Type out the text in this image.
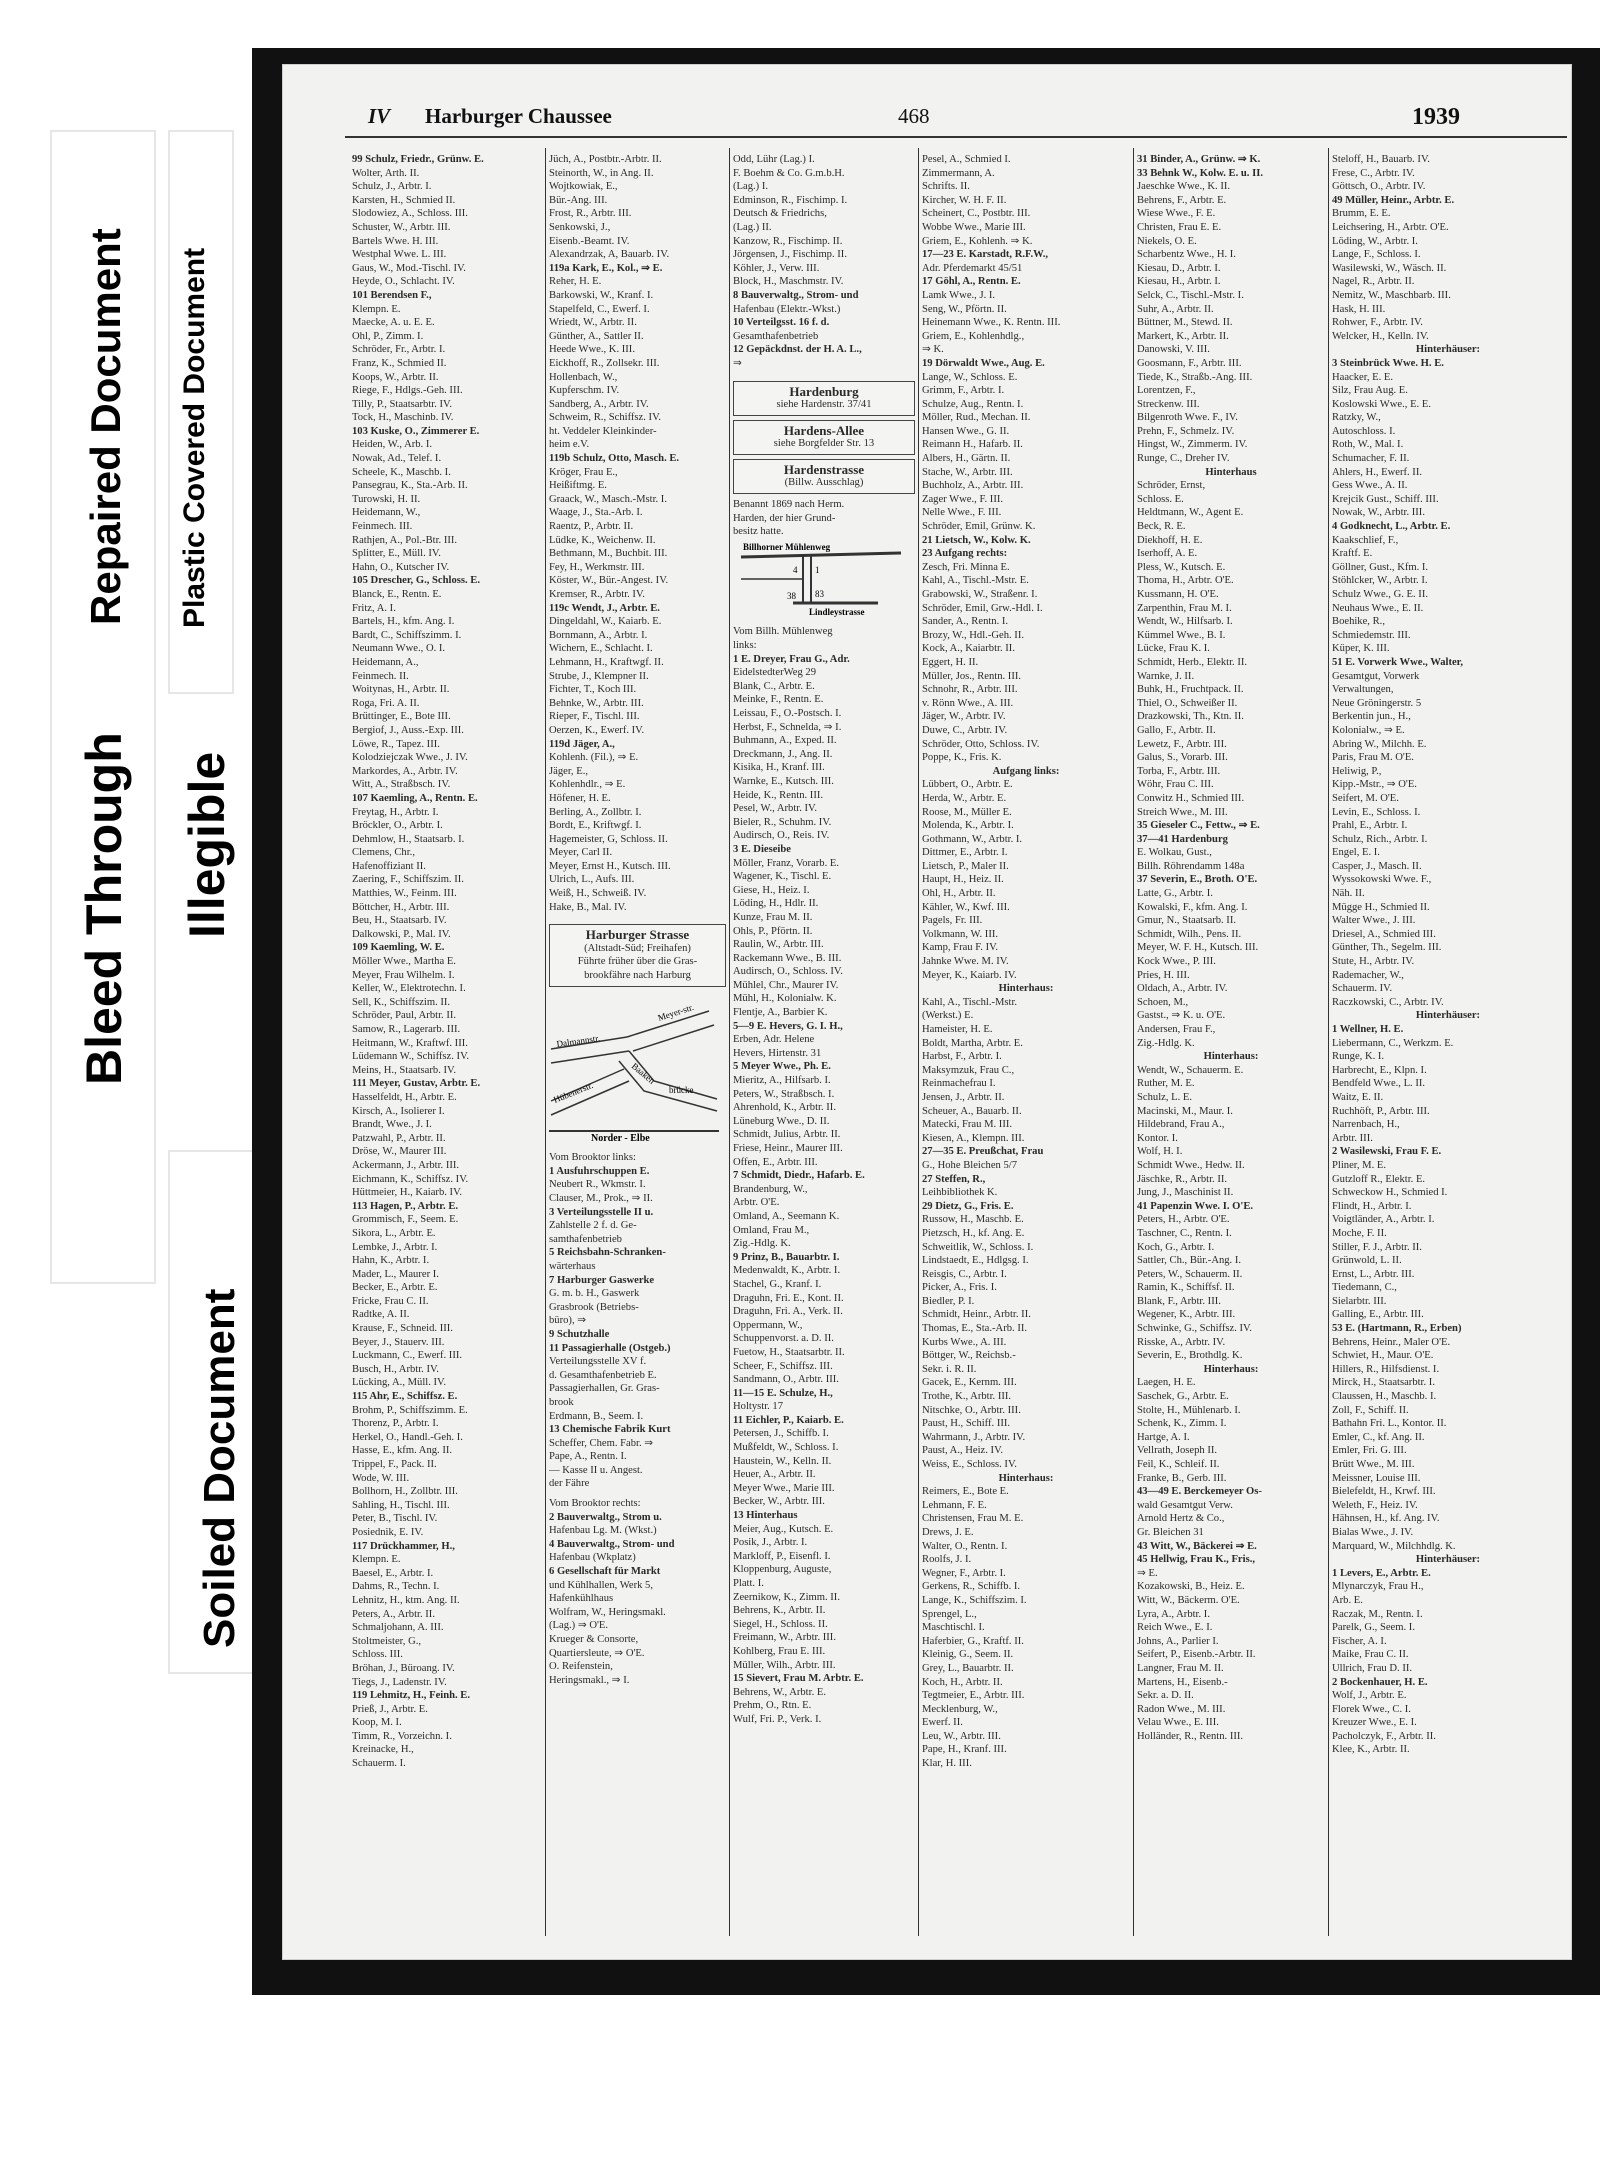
Bleed Through
Repaired Document Plastic Covered Document
Illegible
Soiled Document
IV Harburger Chaussee	468	1939
99 Schulz, Friedr., Grünw. E.
Wolter, Arth. II.
Schulz, J., Arbtr. I.
Karsten, H., Schmied II.
Slodowiez, A., Schloss. III.
Schuster, W., Arbtr. III.
Bartels Wwe. H. III.
Westphal Wwe. L. III.
Gaus, W., Mod.-Tischl. IV.
Heyde, O., Schlacht. IV.
101 Berendsen F.,
Klempn. E.
Maecke, A. u. E. E.
Ohl, P., Zimm. I.
Schröder, Fr., Arbtr. I.
Franz, K., Schmied II.
Koops, W., Arbtr. II.
Riege, F., Hdlgs.-Geh. III.
Tilly, P., Staatsarbtr. IV.
Tock, H., Maschinb. IV.
103 Kuske, O., Zimmerer E.
Heiden, W., Arb. I.
Nowak, Ad., Telef. I.
Scheele, K., Maschb. I.
Pansegrau, K., Sta.-Arb. II.
Turowski, H. II.
Heidemann, W.,
Feinmech. III.
Rathjen, A., Pol.-Btr. III.
Splitter, E., Müll. IV.
Hahn, O., Kutscher IV.
105 Drescher, G., Schloss. E.
Blanck, E., Rentn. E.
Fritz, A. I.
Bartels, H., kfm. Ang. I.
Bardt, C., Schiffszimm. I.
Neumann Wwe., O. I.
Heidemann, A.,
Feinmech. II.
Woitynas, H., Arbtr. II.
Roga, Fri. A. II.
Brüttinger, E., Bote III.
Bergiof, J., Auss.-Exp. III.
Löwe, R., Tapez. III.
Kolodziejczak Wwe., J. IV.
Markordes, A., Arbtr. IV.
Witt, A., Straßbsch. IV.
107 Kaemling, A., Rentn. E.
Freytag, H., Arbtr. I.
Bröckler, O., Arbtr. I.
Dehmlow, H., Staatsarb. I.
Clemens, Chr.,
Hafenoffiziant II.
Zaering, F., Schiffszim. II.
Matthies, W., Feinm. III.
Böttcher, H., Arbtr. III.
Beu, H., Staatsarb. IV.
Dalkowski, P., Mal. IV.
109 Kaemling, W. E.
Möller Wwe., Martha E.
Meyer, Frau Wilhelm. I.
Keller, W., Elektrotechn. I.
Sell, K., Schiffszim. II.
Schröder, Paul, Arbtr. II.
Samow, R., Lagerarb. III.
Heitmann, W., Kraftwf. III.
Lüdemann W., Schiffsz. IV.
Meins, H., Staatsarb. IV.
111 Meyer, Gustav, Arbtr. E.
Hasselfeldt, H., Arbtr. E.
Kirsch, A., Isolierer I.
Brandt, Wwe., J. I.
Patzwahl, P., Arbtr. II.
Dröse, W., Maurer III.
Ackermann, J., Arbtr. III.
Eichmann, K., Schiffsz. IV.
Hüttmeier, H., Kaiarb. IV.
113 Hagen, P., Arbtr. E.
Grommisch, F., Seem. E.
Sikora, L., Arbtr. E.
Lembke, J., Arbtr. I.
Hahn, K., Arbtr. I.
Mader, L., Maurer I.
Becker, E., Arbtr. E.
Fricke, Frau C. II.
Radtke, A. II.
Krause, F., Schneid. III.
Beyer, J., Stauerv. III.
Luckmann, C., Ewerf. III.
Busch, H., Arbtr. IV.
Lücking, A., Müll. IV.
115 Ahr, E., Schiffsz. E.
Brohm, P., Schiffszimm. E.
Thorenz, P., Arbtr. I.
Herkel, O., Handl.-Geh. I.
Hasse, E., kfm. Ang. II.
Trippel, F., Pack. II.
Wode, W. III.
Bollhorn, H., Zollbtr. III.
Sahling, H., Tischl. III.
Peter, B., Tischl. IV.
Posiednik, E. IV.
117 Drückhammer, H.,
Klempn. E.
Baesel, E., Arbtr. I.
Dahms, R., Techn. I.
Lehnitz, H., ktm. Ang. II.
Peters, A., Arbtr. II.
Schmaljohann, A. III.
Stoltmeister, G.,
Schloss. III.
Bröhan, J., Büroang. IV.
Tiegs, J., Ladenstr. IV.
119 Lehmitz, H., Feinh. E.
Prieß, J., Arbtr. E.
Koop, M. I.
Timm, R., Vorzeichn. I.
Kreinacke, H.,
Schauerm. I.
Jüch, A., Postbtr.-Arbtr. II.
Steinorth, W., in Ang. II.
Wojtkowiak, E.,
Bür.-Ang. III.
Frost, R., Arbtr. III.
Senkowski, J.,
Eisenb.-Beamt. IV.
Alexandrzak, A, Bauarb. IV.
119a Kark, E., Kol., ⇒ E.
Reher, H. E.
Barkowski, W., Kranf. I.
Stapelfeld, C., Ewerf. I.
Wriedt, W., Arbtr. II.
Günther, A., Sattler II.
Heede Wwe., K. III.
Eickhoff, R., Zollsekr. III.
Hollenbach, W.,
Kupferschm. IV.
Sandberg, A., Arbtr. IV.
Schweim, R., Schiffsz. IV.
ht. Veddeler Kleinkinder-
heim e.V.
119b Schulz, Otto, Masch. E.
Kröger, Frau E.,
Heißiftmg. E.
Graack, W., Masch.-Mstr. I.
Waage, J., Sta.-Arb. I.
Raentz, P., Arbtr. II.
Lüdke, K., Weichenw. II.
Bethmann, M., Buchbit. III.
Fey, H., Werkmstr. III.
Köster, W., Bür.-Angest. IV.
Kremser, R., Arbtr. IV.
119c Wendt, J., Arbtr. E.
Dingeldahl, W., Kaiarb. E.
Bornmann, A., Arbtr. I.
Wichern, E., Schlacht. I.
Lehmann, H., Kraftwgf. II.
Strube, J., Klempner II.
Fichter, T., Koch III.
Behnke, W., Arbtr. III.
Rieper, F., Tischl. III.
Oerzen, K., Ewerf. IV.
119d Jäger, A.,
Kohlenh. (Fil.), ⇒ E.
Jäger, E.,
Kohlenhdlr., ⇒ E.
Höfener, H. E.
Berling, A., Zollbtr. I.
Bordt, E., Kriftwgf. I.
Hagemeister, G, Schloss. II.
Meyer, Carl II.
Meyer, Ernst H., Kutsch. III.
Ulrich, L., Aufs. III.
Weiß, H., Schweiß. IV.
Hake, B., Mal. IV.
Harburger Strasse
(Altstadt-Süd; Freihafen)
Führte früher über die Gras-
brookfähre nach Harburg
Dalmannstr.
Meyer-str.
Baaken
brücke
Hübenerstr.
Norder - Elbe
Vom Brooktor links:
1 Ausfuhrschuppen E.
Neubert R., Wkmstr. I.
Clauser, M., Prok., ⇒ II.
3 Verteilungsstelle II u.
Zahlstelle 2 f. d. Ge-
samthafenbetrieb
5 Reichsbahn-Schranken-
wärterhaus
7 Harburger Gaswerke
G. m. b. H., Gaswerk
Grasbrook (Betriebs-
büro), ⇒
9 Schutzhalle
11 Passagierhalle (Ostgeb.)
Verteilungsstelle XV f.
d. Gesamthafenbetrieb E.
Passagierhallen, Gr. Gras-
brook
Erdmann, B., Seem. I.
13 Chemische Fabrik Kurt
Scheffer, Chem. Fabr. ⇒
Pape, A., Rentn. I.
— Kasse II u. Angest.
der Fähre
Vom Brooktor rechts:
2 Bauverwaltg., Strom u.
Hafenbau Lg. M. (Wkst.)
4 Bauverwaltg., Strom- und
Hafenbau (Wkplatz)
6 Gesellschaft für Markt
und Kühlhallen, Werk 5,
Hafenkühlhaus
Wolfram, W., Heringsmakl.
(Lag.) ⇒ O'E.
Krueger & Consorte,
Quartiersleute, ⇒ O'E.
O. Reifenstein,
Heringsmakl., ⇒ I.
Odd, Lühr (Lag.) I.
F. Boehm & Co. G.m.b.H.
(Lag.) I.
Edminson, R., Fischimp. I.
Deutsch & Friedrichs,
(Lag.) II.
Kanzow, R., Fischimp. II.
Jörgensen, J., Fischimp. II.
Köhler, J., Verw. III.
Block, H., Maschmstr. IV.
8 Bauverwaltg., Strom- und
Hafenbau (Elektr.-Wkst.)
10 Verteilgsst. 16 f. d.
Gesamthafenbetrieb
12 Gepäckdnst. der H. A. L.,
⇒
Hardenburg
siehe Hardenstr. 37/41
Hardens-Allee
siehe Borgfelder Str. 13
Hardenstrasse
(Billw. Ausschlag)
Benannt 1869 nach Herm.
Harden, der hier Grund-
besitz hatte.
Billhorner Mühlenweg
Lindleystrasse
4 1
38 83
Vom Billh. Mühlenweg
links:
1 E. Dreyer, Frau G., Adr.
EidelstedterWeg 29
Blank, C., Arbtr. E.
Meinke, F., Rentn. E.
Leissau, F., O.-Postsch. I.
Herbst, F., Schnelda, ⇒ I.
Buhmann, A., Exped. II.
Dreckmann, J., Ang. II.
Kisika, H., Kranf. III.
Warnke, E., Kutsch. III.
Heide, K., Rentn. III.
Pesel, W., Arbtr. IV.
Bieler, R., Schuhm. IV.
Audirsch, O., Reis. IV.
3 E. Dieseibe
Möller, Franz, Vorarb. E.
Wagener, K., Tischl. E.
Giese, H., Heiz. I.
Löding, H., Hdlr. II.
Kunze, Frau M. II.
Ohls, P., Pförtn. II.
Raulin, W., Arbtr. III.
Rackemann Wwe., B. III.
Audirsch, O., Schloss. IV.
Mühlel, Chr., Maurer IV.
Mühl, H., Kolonialw. K.
Flentje, A., Barbier K.
5—9 E. Hevers, G. I. H.,
Erben, Adr. Helene
Hevers, Hirtenstr. 31
5 Meyer Wwe., Ph. E.
Mieritz, A., Hilfsarb. I.
Peters, W., Straßbsch. I.
Ahrenhold, K., Arbtr. II.
Lüneburg Wwe., D. II.
Schmidt, Julius, Arbtr. II.
Friese, Heinr., Maurer III.
Offen, E., Arbtr. III.
7 Schmidt, Diedr., Hafarb. E.
Brandenburg, W.,
Arbtr. O'E.
Omland, A., Seemann K.
Omland, Frau M.,
Zig.-Hdlg. K.
9 Prinz, B., Bauarbtr. I.
Medenwaldt, K., Arbtr. I.
Stachel, G., Kranf. I.
Draguhn, Fri. E., Kont. II.
Draguhn, Fri. A., Verk. II.
Oppermann, W.,
Schuppenvorst. a. D. II.
Fuetow, H., Staatsarbtr. II.
Scheer, F., Schiffsz. III.
Sandmann, O., Arbtr. III.
11—15 E. Schulze, H.,
Holtystr. 17
11 Eichler, P., Kaiarb. E.
Petersen, J., Schiffb. I.
Mußfeldt, W., Schloss. I.
Haustein, W., Kelln. II.
Heuer, A., Arbtr. II.
Meyer Wwe., Marie III.
Becker, W., Arbtr. III.
13 Hinterhaus
Meier, Aug., Kutsch. E.
Posik, J., Arbtr. I.
Markloff, P., Eisenfl. I.
Kloppenburg, Auguste,
Platt. I.
Zeernikow, K., Zimm. II.
Behrens, K., Arbtr. II.
Siegel, H., Schloss. II.
Freimann, W., Arbtr. III.
Kohlberg, Frau E. III.
Müller, Wilh., Arbtr. III.
15 Sievert, Frau M. Arbtr. E.
Behrens, W., Arbtr. E.
Prehm, O., Rtn. E.
Wulf, Fri. P., Verk. I.
Pesel, A., Schmied I.
Zimmermann, A.
Schrifts. II.
Kircher, W. H. F. II.
Scheinert, C., Postbtr. III.
Wobbe Wwe., Marie III.
Griem, E., Kohlenh. ⇒ K.
17—23 E. Karstadt, R.F.W.,
Adr. Pferdemarkt 45/51
17 Göhl, A., Rentn. E.
Lamk Wwe., J. I.
Seng, W., Pförtn. II.
Heinemann Wwe., K. Rentn. III.
Griem, E., Kohlenhdlg.,
⇒ K.
19 Dörwaldt Wwe., Aug. E.
Lange, W., Schloss. E.
Grimm, F., Arbtr. I.
Schulze, Aug., Rentn. I.
Möller, Rud., Mechan. II.
Hansen Wwe., G. II.
Reimann H., Hafarb. II.
Albers, H., Gärtn. II.
Stache, W., Arbtr. III.
Buchholz, A., Arbtr. III.
Zager Wwe., F. III.
Nelle Wwe., F. III.
Schröder, Emil, Grünw. K.
21 Lietsch, W., Kolw. K.
23 Aufgang rechts:
Zesch, Fri. Minna E.
Kahl, A., Tischl.-Mstr. E.
Grabowski, W., Straßenr. I.
Schröder, Emil, Grw.-Hdl. I.
Sander, A., Rentn. I.
Brozy, W., Hdl.-Geh. II.
Kock, A., Kaiarbtr. II.
Eggert, H. II.
Müller, Jos., Rentn. III.
Schnohr, R., Arbtr. III.
v. Rönn Wwe., A. III.
Jäger, W., Arbtr. IV.
Duwe, C., Arbtr. IV.
Schröder, Otto, Schloss. IV.
Poppe, K., Fris. K.
Aufgang links:
Lübbert, O., Arbtr. E.
Herda, W., Arbtr. E.
Roose, M., Müller E.
Molenda, K., Arbtr. I.
Gothmann, W., Arbtr. I.
Dittmer, E., Arbtr. I.
Lietsch, P., Maler II.
Haupt, H., Heiz. II.
Ohl, H., Arbtr. II.
Kähler, W., Kwf. III.
Pagels, Fr. III.
Volkmann, W. III.
Kamp, Frau F. IV.
Jahnke Wwe. M. IV.
Meyer, K., Kaiarb. IV.
Hinterhaus:
Kahl, A., Tischl.-Mstr.
(Werkst.) E.
Hameister, H. E.
Boldt, Martha, Arbtr. E.
Harbst, F., Arbtr. I.
Maksymzuk, Frau C.,
Reinmachefrau I.
Jensen, J., Arbtr. II.
Scheuer, A., Bauarb. II.
Matecki, Frau M. III.
Kiesen, A., Klempn. III.
27—35 E. Preußchat, Frau
G., Hohe Bleichen 5/7
27 Steffen, R.,
Leihbibliothek K.
29 Dietz, G., Fris. E.
Russow, H., Maschb. E.
Pietzsch, H., kf. Ang. E.
Schweitlik, W., Schloss. I.
Lindstaedt, E., Hdlgsg. I.
Reisgis, C., Arbtr. I.
Picker, A., Fris. I.
Biedler, P. I.
Schmidt, Heinr., Arbtr. II.
Thomas, E., Sta.-Arb. II.
Kurbs Wwe., A. III.
Böttger, W., Reichsb.-
Sekr. i. R. II.
Gacek, E., Kernm. III.
Trothe, K., Arbtr. III.
Nitschke, O., Arbtr. III.
Paust, H., Schiff. III.
Wahrmann, J., Arbtr. IV.
Paust, A., Heiz. IV.
Weiss, E., Schloss. IV.
Hinterhaus:
Reimers, E., Bote E.
Lehmann, F. E.
Christensen, Frau M. E.
Drews, J. E.
Walter, O., Rentn. I.
Roolfs, J. I.
Wegner, F., Arbtr. I.
Gerkens, R., Schiffb. I.
Lange, K., Schiffszim. I.
Sprengel, L.,
Maschtischl. I.
Haferbier, G., Kraftf. II.
Kleinig, G., Seem. II.
Grey, L., Bauarbtr. II.
Koch, H., Arbtr. II.
Tegtmeier, E., Arbtr. III.
Mecklenburg, W.,
Ewerf. II.
Leu, W., Arbtr. III.
Pape, H., Kranf. III.
Klar, H. III.
31 Binder, A., Grünw. ⇒ K.
33 Behnk W., Kolw. E. u. II.
Jaeschke Wwe., K. II.
Behrens, F., Arbtr. E.
Wiese Wwe., F. E.
Christen, Frau E. E.
Niekels, O. E.
Scharbentz Wwe., H. I.
Kiesau, D., Arbtr. I.
Kiesau, H., Arbtr. I.
Selck, C., Tischl.-Mstr. I.
Suhr, A., Arbtr. II.
Büttner, M., Stewd. II.
Markert, K., Arbtr. II.
Danowski, V. III.
Goosmann, F., Arbtr. III.
Tiede, K., Straßb.-Ang. III.
Lorentzen, F.,
Streckenw. III.
Bilgenroth Wwe. F., IV.
Prehn, F., Schmelz. IV.
Hingst, W., Zimmerm. IV.
Runge, C., Dreher IV.
Hinterhaus
Schröder, Ernst,
Schloss. E.
Heldtmann, W., Agent E.
Beck, R. E.
Diekhoff, H. E.
Iserhoff, A. E.
Pless, W., Kutsch. E.
Thoma, H., Arbtr. O'E.
Kussmann, H. O'E.
Zarpenthin, Frau M. I.
Wendt, W., Hilfsarb. I.
Kümmel Wwe., B. I.
Lücke, Frau K. I.
Schmidt, Herb., Elektr. II.
Warnke, J. II.
Buhk, H., Fruchtpack. II.
Thiel, O., Schweißer II.
Drazkowski, Th., Ktn. II.
Gallo, F., Arbtr. II.
Lewetz, F., Arbtr. III.
Galus, S., Vorarb. III.
Torba, F., Arbtr. III.
Wöhr, Frau C. III.
Conwitz H., Schmied III.
Streich Wwe., M. III.
35 Gieseler C., Fettw., ⇒ E.
37—41 Hardenburg
E. Wolkau, Gust.,
Billh. Röhrendamm 148a
37 Severin, E., Broth. O'E.
Latte, G., Arbtr. I.
Kowalski, F., kfm. Ang. I.
Gmur, N., Staatsarb. II.
Schmidt, Wilh., Pens. II.
Meyer, W. F. H., Kutsch. III.
Kock Wwe., P. III.
Pries, H. III.
Oldach, A., Arbtr. IV.
Schoen, M.,
Gastst., ⇒ K. u. O'E.
Andersen, Frau F.,
Zig.-Hdlg. K.
Hinterhaus:
Wendt, W., Schauerm. E.
Ruther, M. E.
Schulz, L. E.
Macinski, M., Maur. I.
Hildebrand, Frau A.,
Kontor. I.
Wolf, H. I.
Schmidt Wwe., Hedw. II.
Jäschke, R., Arbtr. II.
Jung, J., Maschinist II.
41 Papenzin Wwe. I. O'E.
Peters, H., Arbtr. O'E.
Taschner, C., Rentn. I.
Koch, G., Arbtr. I.
Sattler, Ch., Bür.-Ang. I.
Peters, W., Schauerm. II.
Ramin, K., Schiffsf. II.
Blank, F., Arbtr. III.
Wegener, K., Arbtr. III.
Schwinke, G., Schiffsz. IV.
Risske, A., Arbtr. IV.
Severin, E., Brothdlg. K.
Hinterhaus:
Laegen, H. E.
Saschek, G., Arbtr. E.
Stolte, H., Mühlenarb. I.
Schenk, K., Zimm. I.
Hartge, A. I.
Vellrath, Joseph II.
Feil, K., Schleif. II.
Franke, B., Gerb. III.
43—49 E. Berckemeyer Os-
wald Gesamtgut Verw.
Arnold Hertz & Co.,
Gr. Bleichen 31
43 Witt, W., Bäckerei ⇒ E.
45 Hellwig, Frau K., Fris.,
⇒ E.
Kozakowski, B., Heiz. E.
Witt, W., Bäckerm. O'E.
Lyra, A., Arbtr. I.
Reich Wwe., E. I.
Johns, A., Parlier I.
Seifert, P., Eisenb.-Arbtr. II.
Langner, Frau M. II.
Martens, H., Eisenb.-
Sekr. a. D. II.
Radon Wwe., M. III.
Velau Wwe., E. III.
Holländer, R., Rentn. III.
Steloff, H., Bauarb. IV.
Frese, C., Arbtr. IV.
Göttsch, O., Arbtr. IV.
49 Müller, Heinr., Arbtr. E.
Brumm, E. E.
Leichsering, H., Arbtr. O'E.
Löding, W., Arbtr. I.
Lange, F., Schloss. I.
Wasilewski, W., Wäsch. II.
Nagel, R., Arbtr. II.
Nemitz, W., Maschbarb. III.
Hask, H. III.
Rohwer, F., Arbtr. IV.
Welcker, H., Kelln. IV.
Hinterhäuser:
3 Steinbrück Wwe. H. E.
Haacker, E. E.
Silz, Frau Aug. E.
Koslowski Wwe., E. E.
Ratzky, W.,
Autoschloss. I.
Roth, W., Mal. I.
Schumacher, F. II.
Ahlers, H., Ewerf. II.
Gess Wwe., A. II.
Krejcik Gust., Schiff. III.
Nowak, W., Arbtr. III.
4 Godknecht, L., Arbtr. E.
Kaakschlief, F.,
Kraftf. E.
Göllner, Gust., Kfm. I.
Stöhlcker, W., Arbtr. I.
Schulz Wwe., G. E. II.
Neuhaus Wwe., E. II.
Boehike, R.,
Schmiedemstr. III.
Küper, K. III.
51 E. Vorwerk Wwe., Walter,
Gesamtgut, Vorwerk
Verwaltungen,
Neue Gröningerstr. 5
Berkentin jun., H.,
Kolonialw., ⇒ E.
Abring W., Milchh. E.
Paris, Frau M. O'E.
Heliwig, P.,
Kipp.-Mstr., ⇒ O'E.
Seifert, M. O'E.
Levin, E., Schloss. I.
Prahl, E., Arbtr. I.
Schulz, Rich., Arbtr. I.
Engel, E. I.
Casper, J., Masch. II.
Wyssokowski Wwe. F.,
Näh. II.
Mügge H., Schmied II.
Walter Wwe., J. III.
Driesel, A., Schmied III.
Günther, Th., Segelm. III.
Stute, H., Arbtr. IV.
Rademacher, W.,
Schauerm. IV.
Raczkowski, C., Arbtr. IV.
Hinterhäuser:
1 Wellner, H. E.
Liebermann, C., Werkzm. E.
Runge, K. I.
Harbrecht, E., Klpn. I.
Bendfeld Wwe., L. II.
Waitz, E. II.
Ruchhöft, P., Arbtr. III.
Narrenbach, H.,
Arbtr. III.
2 Wasilewski, Frau F. E.
Pliner, M. E.
Gutzloff R., Elektr. E.
Schweckow H., Schmied I.
Flindt, H., Arbtr. I.
Voigtländer, A., Arbtr. I.
Moche, F. II.
Stiller, F. J., Arbtr. II.
Grünwold, L. II.
Ernst, L., Arbtr. III.
Tiedemann, C.,
Sielarbtr. III.
Galling, E., Arbtr. III.
53 E. (Hartmann, R., Erben)
Behrens, Heinr., Maler O'E.
Schwiet, H., Maur. O'E.
Hillers, R., Hilfsdienst. I.
Mirck, H., Staatsarbtr. I.
Claussen, H., Maschb. I.
Zoll, F., Schiff. II.
Bathahn Fri. L., Kontor. II.
Emler, C., kf. Ang. II.
Emler, Fri. G. III.
Brütt Wwe., M. III.
Meissner, Louise III.
Bielefeldt, H., Krwf. III.
Weleth, F., Heiz. IV.
Hähnsen, H., kf. Ang. IV.
Bialas Wwe., J. IV.
Marquard, W., Milchhdlg. K.
Hinterhäuser:
1 Levers, E., Arbtr. E.
Mlynarczyk, Frau H.,
Arb. E.
Raczak, M., Rentn. I.
Parelk, G., Seem. I.
Fischer, A. I.
Maike, Frau C. II.
Ullrich, Frau D. II.
2 Bockenhauer, H. E.
Wolf, J., Arbtr. E.
Florek Wwe., C. I.
Kreuzer Wwe., E. I.
Pacholczyk, F., Arbtr. II.
Klee, K., Arbtr. II.
